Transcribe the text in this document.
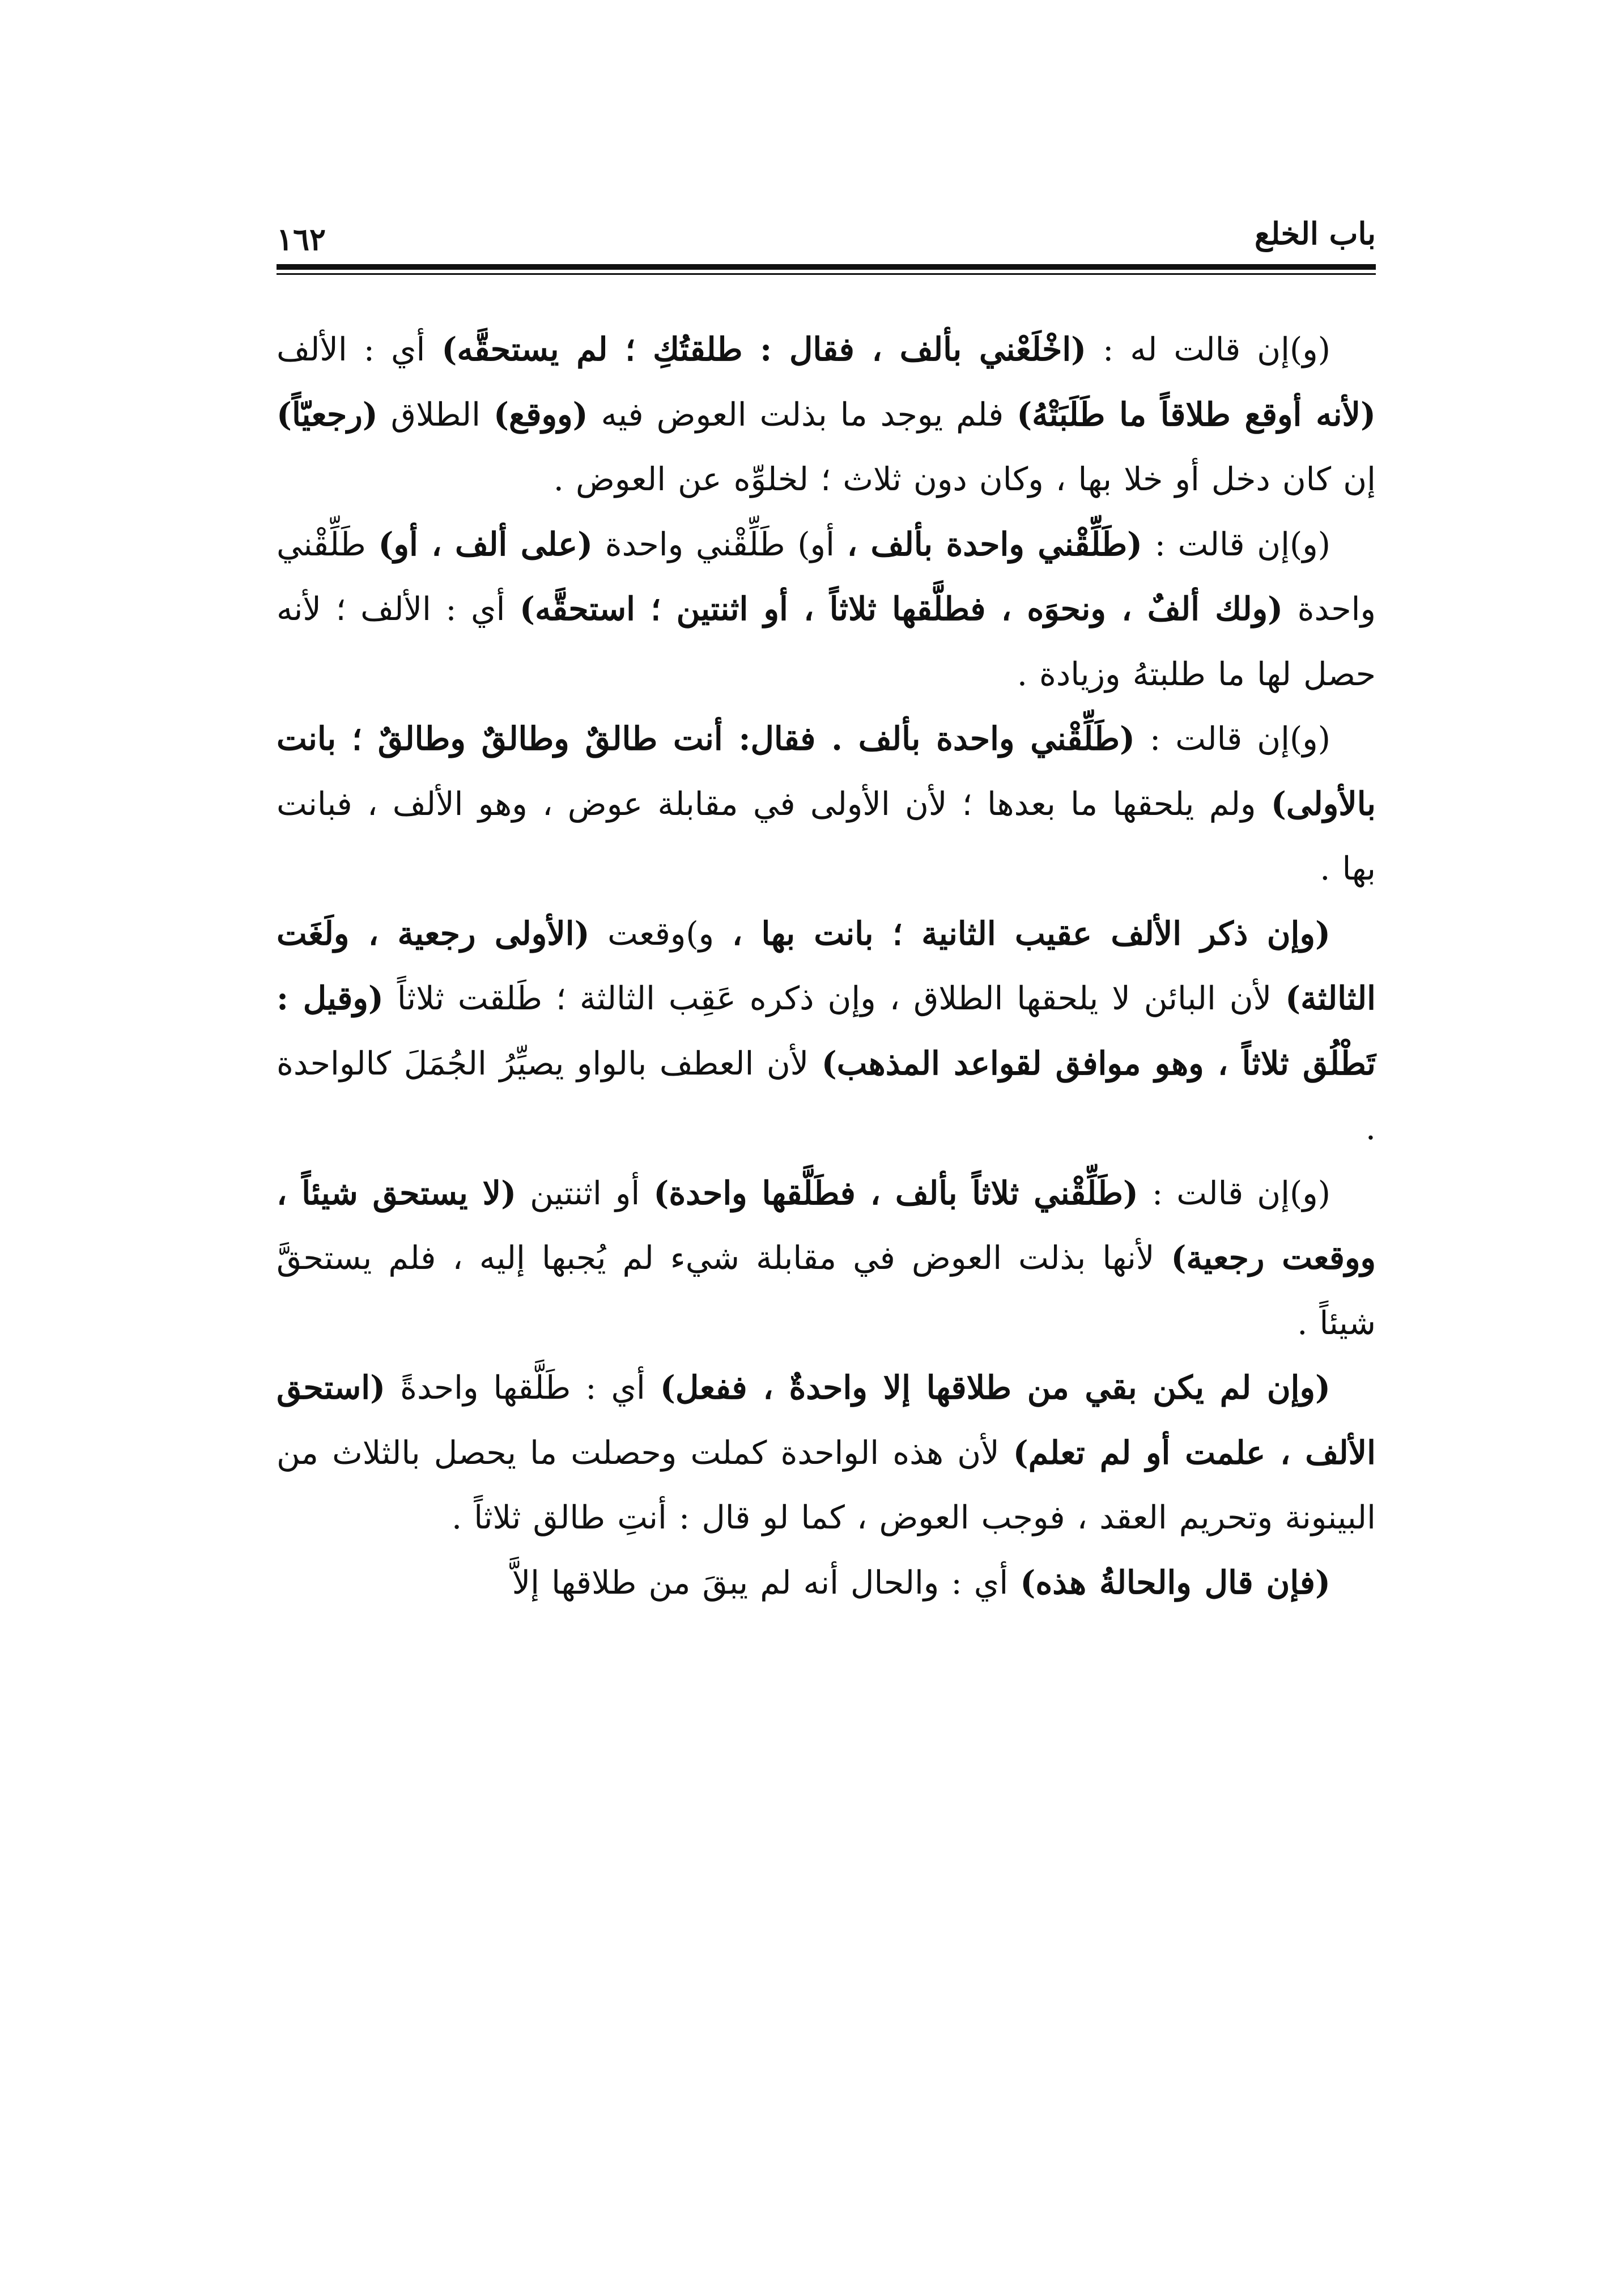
باب الخلع
١٦٢

(و)إن قالت له : (اخْلَعْني بألف ، فقال : طلقتُكِ ؛ لم يستحقَّه) أي : الألف (لأنه أوقع طلاقاً ما طَلَبَتْهُ) فلم يوجد ما بذلت العوض فيه (ووقع) الطلاق (رجعيّاً) إن كان دخل أو خلا بها ، وكان دون ثلاث ؛ لخلوِّه عن العوض .

(و)إن قالت : (طَلِّقْني واحدة بألف ، أو) طَلِّقْني واحدة (على ألف ، أو) طَلِّقْني واحدة (ولك ألفٌ ، ونحوَه ، فطلَّقها ثلاثاً ، أو اثنتين ؛ استحقَّه) أي : الألف ؛ لأنه حصل لها ما طلبتهُ وزيادة .

(و)إن قالت : (طَلِّقْني واحدة بألف . فقال: أنت طالقٌ وطالقٌ وطالقٌ ؛ بانت بالأولى) ولم يلحقها ما بعدها ؛ لأن الأولى في مقابلة عوض ، وهو الألف ، فبانت بها .

(وإن ذكر الألف عقيب الثانية ؛ بانت بها ، و)وقعت (الأولى رجعية ، ولَغَت الثالثة) لأن البائن لا يلحقها الطلاق ، وإن ذكره عَقِب الثالثة ؛ طَلقت ثلاثاً (وقيل : تَطْلُق ثلاثاً ، وهو موافق لقواعد المذهب) لأن العطف بالواو يصيِّرُ الجُمَلَ كالواحدة .

(و)إن قالت : (طَلِّقْني ثلاثاً بألف ، فطَلَّقها واحدة) أو اثنتين (لا يستحق شيئاً ، ووقعت رجعية) لأنها بذلت العوض في مقابلة شيء لم يُجبها إليه ، فلم يستحقَّ شيئاً .

(وإن لم يكن بقي من طلاقها إلا واحدةٌ ، ففعل) أي : طَلَّقها واحدةً (استحق الألف ، علمت أو لم تعلم) لأن هذه الواحدة كملت وحصلت ما يحصل بالثلاث من البينونة وتحريم العقد ، فوجب العوض ، كما لو قال : أنتِ طالق ثلاثاً .

(فإن قال والحالةُ هذه) أي : والحال أنه لم يبقَ من طلاقها إلاَّ
